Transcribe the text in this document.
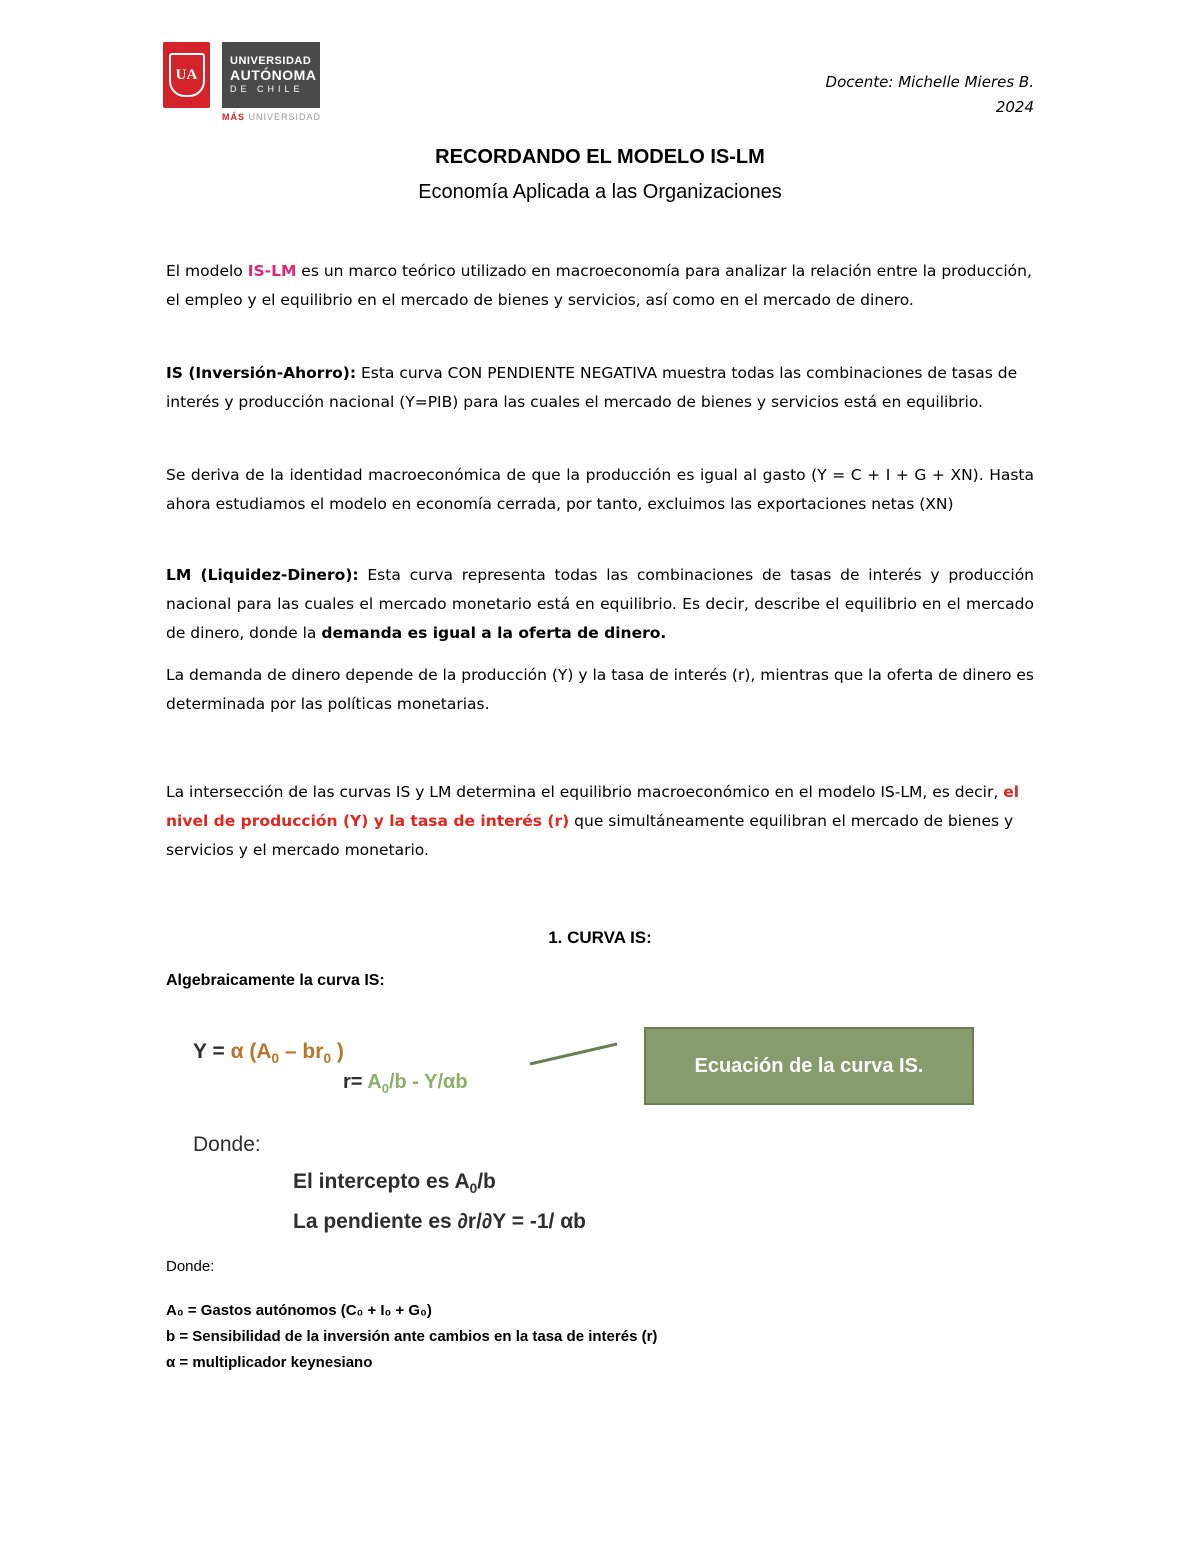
UA
UNIVERSIDAD
AUTÓNOMA
DE CHILE
MÁS UNIVERSIDAD
Docente: Michelle Mieres B.
2024
RECORDANDO EL MODELO IS-LM
Economía Aplicada a las Organizaciones
El modelo IS-LM es un marco teórico utilizado en macroeconomía para analizar la relación entre la producción, el empleo y el equilibrio en el mercado de bienes y servicios, así como en el mercado de dinero.
IS (Inversión-Ahorro): Esta curva CON PENDIENTE NEGATIVA muestra todas las combinaciones de tasas de interés y producción nacional (Y=PIB) para las cuales el mercado de bienes y servicios está en equilibrio.
Se deriva de la identidad macroeconómica de que la producción es igual al gasto (Y = C + I + G + XN). Hasta ahora estudiamos el modelo en economía cerrada, por tanto, excluimos las exportaciones netas (XN)
LM (Liquidez-Dinero): Esta curva representa todas las combinaciones de tasas de interés y producción nacional para las cuales el mercado monetario está en equilibrio. Es decir, describe el equilibrio en el mercado de dinero, donde la demanda es igual a la oferta de dinero.
La demanda de dinero depende de la producción (Y) y la tasa de interés (r), mientras que la oferta de dinero es determinada por las políticas monetarias.
La intersección de las curvas IS y LM determina el equilibrio macroeconómico en el modelo IS-LM, es decir, el nivel de producción (Y) y la tasa de interés (r) que simultáneamente equilibran el mercado de bienes y servicios y el mercado monetario.
1. CURVA IS:
Algebraicamente la curva IS:
Y = α ($A_0 - br_0$ )
$r= A_0/b - Y/\alpha b$
Ecuación de la curva IS.
Donde:
El intercepto es $A_0/b$
La pendiente es ∂r/∂Y = -1/ αb
Donde:
A₀ = Gastos autónomos (C₀ + I₀ + G₀)
b = Sensibilidad de la inversión ante cambios en la tasa de interés (r)
α = multiplicador keynesiano
